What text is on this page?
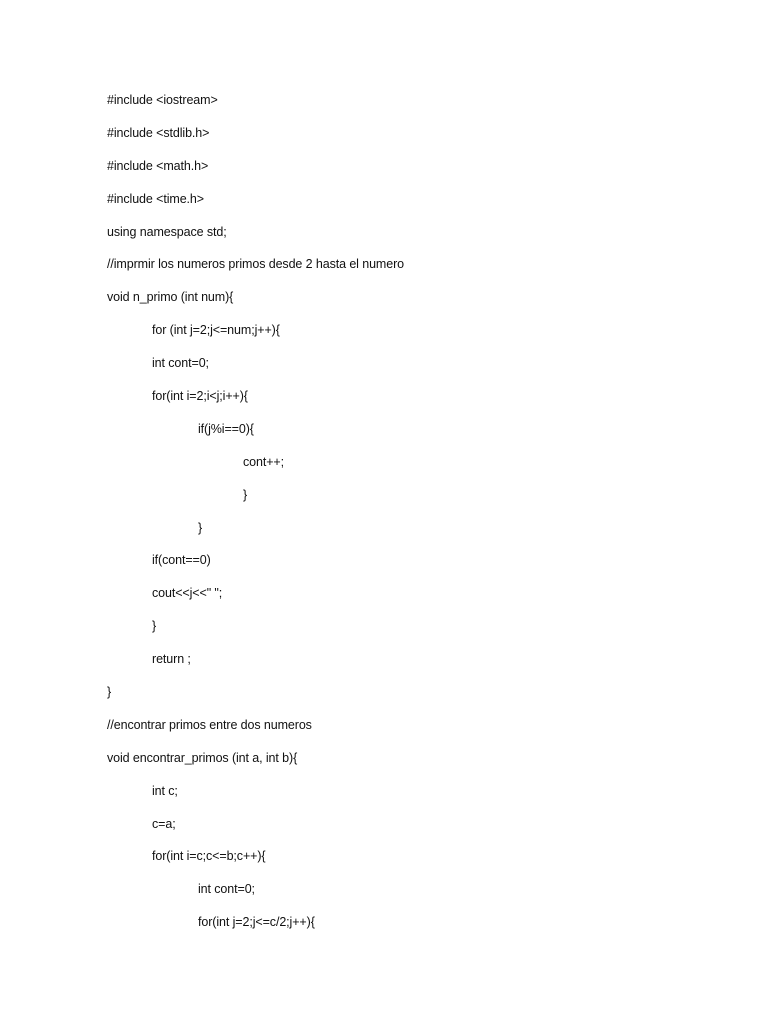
#include <iostream>
#include <stdlib.h>
#include <math.h>
#include <time.h>
using namespace std;
//imprmir los numeros primos desde 2 hasta el numero
void n_primo (int num){
for (int j=2;j<=num;j++){
int cont=0;
for(int i=2;i<j;i++){
if(j%i==0){
cont++;
}
}
if(cont==0)
cout<<j<<" ";
}
return ;
}
//encontrar primos entre dos numeros
void encontrar_primos (int a, int b){
int c;
c=a;
for(int i=c;c<=b;c++){
int cont=0;
for(int j=2;j<=c/2;j++){
